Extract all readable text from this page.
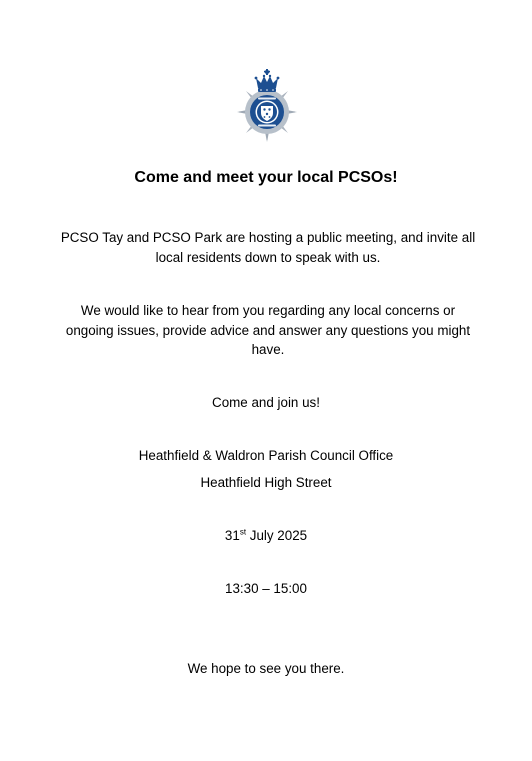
Come and meet your local PCSOs!
PCSO Tay and PCSO Park are hosting a public meeting, and invite all local residents down to speak with us.
We would like to hear from you regarding any local concerns or ongoing issues, provide advice and answer any questions you might have.
Come and join us!
Heathfield & Waldron Parish Council Office
Heathfield High Street
31st July 2025
13:30 – 15:00
We hope to see you there.
